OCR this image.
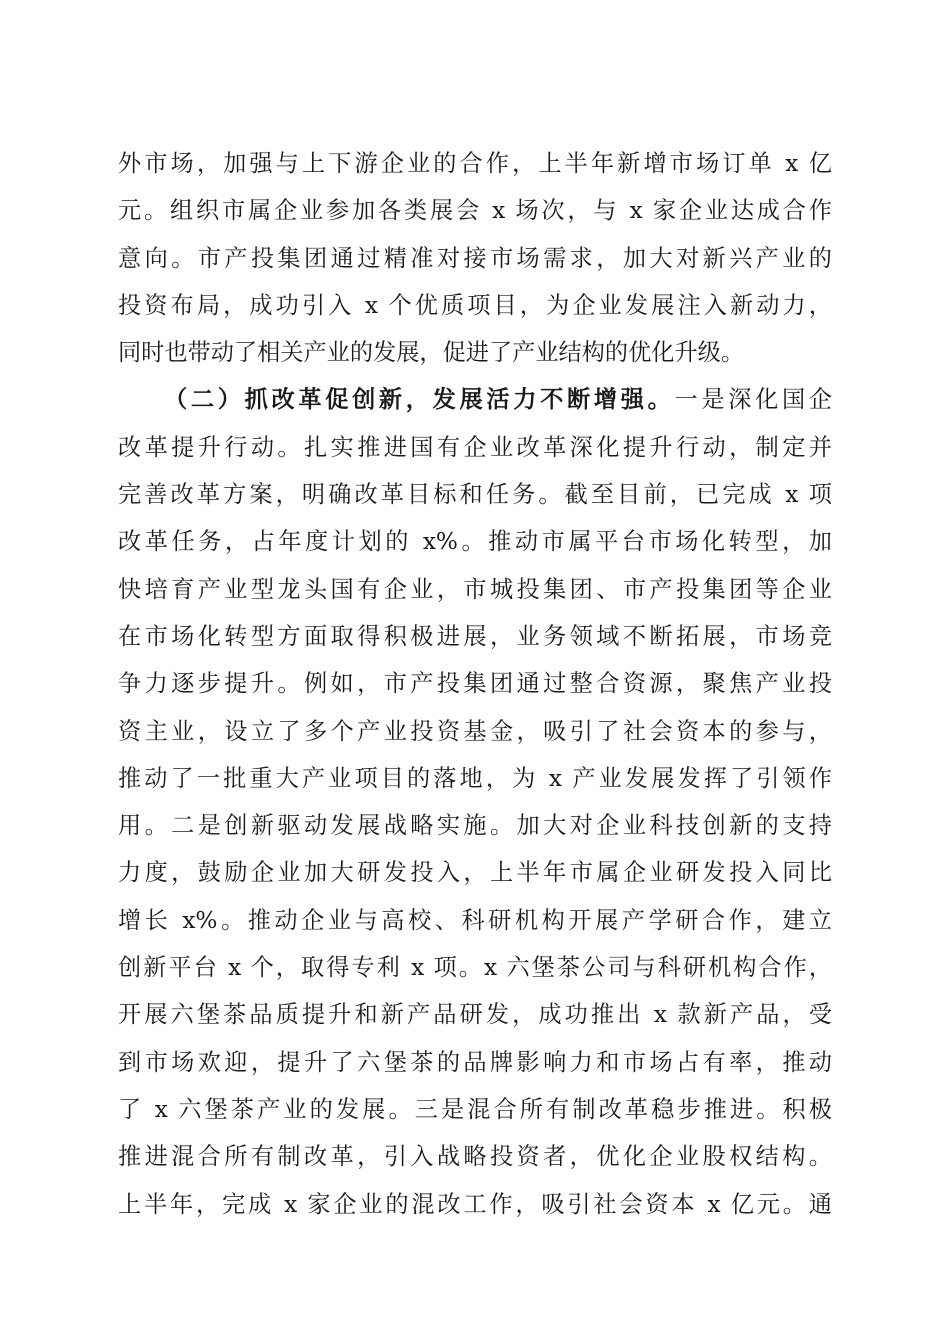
外市场，加强与上下游企业的合作，上半年新增市场订单 x 亿
元。组织市属企业参加各类展会 x 场次，与 x 家企业达成合作
意向。市产投集团通过精准对接市场需求，加大对新兴产业的
投资布局，成功引入 x 个优质项目，为企业发展注入新动力，
同时也带动了相关产业的发展，促进了产业结构的优化升级。
（二）抓改革促创新，发展活力不断增强。一是深化国企
改革提升行动。扎实推进国有企业改革深化提升行动，制定并
完善改革方案，明确改革目标和任务。截至目前，已完成 x 项
改革任务，占年度计划的 x%。推动市属平台市场化转型，加
快培育产业型龙头国有企业，市城投集团、市产投集团等企业
在市场化转型方面取得积极进展，业务领域不断拓展，市场竞
争力逐步提升。例如，市产投集团通过整合资源，聚焦产业投
资主业，设立了多个产业投资基金，吸引了社会资本的参与，
推动了一批重大产业项目的落地，为 x 产业发展发挥了引领作
用。二是创新驱动发展战略实施。加大对企业科技创新的支持
力度，鼓励企业加大研发投入，上半年市属企业研发投入同比
增长 x%。推动企业与高校、科研机构开展产学研合作，建立
创新平台 x 个，取得专利 x 项。x 六堡茶公司与科研机构合作，
开展六堡茶品质提升和新产品研发，成功推出 x 款新产品，受
到市场欢迎，提升了六堡茶的品牌影响力和市场占有率，推动
了 x 六堡茶产业的发展。三是混合所有制改革稳步推进。积极
推进混合所有制改革，引入战略投资者，优化企业股权结构。
上半年，完成 x 家企业的混改工作，吸引社会资本 x 亿元。通
